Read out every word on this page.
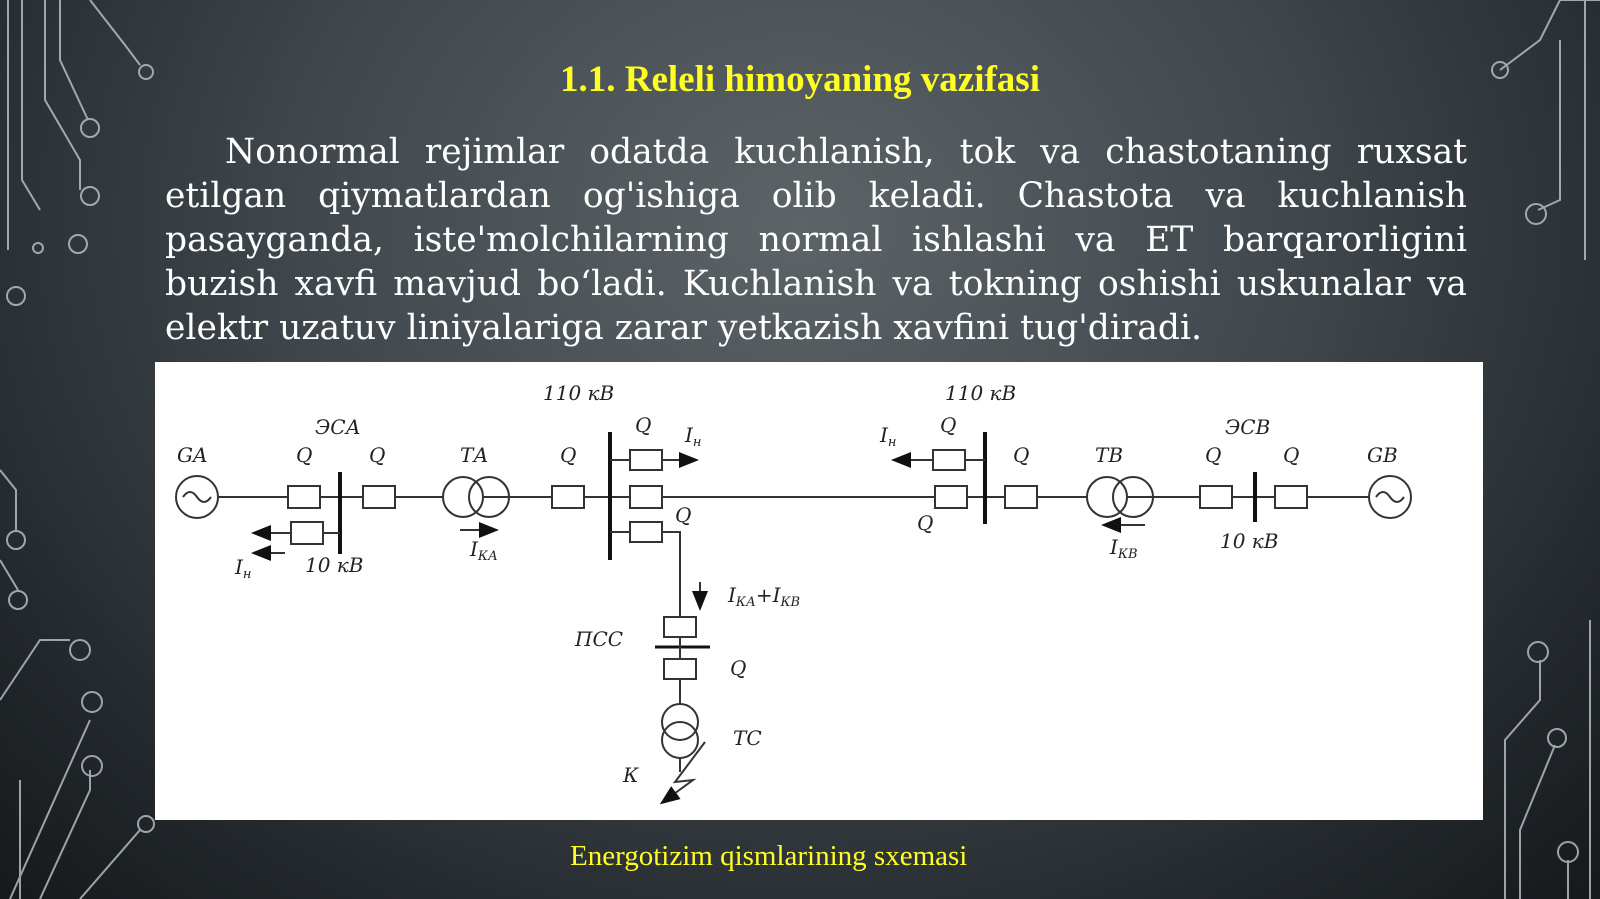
1.1. Releli himoyaning vazifasi
Nonormal rejimlar odatda kuchlanish, tok va chastotaning ruxsat etilgan qiymatlardan og'ishiga olib keladi. Chastota va kuchlanish pasayganda, iste'molchilarning normal ishlashi va ET barqarorligini buzish xavfi mavjud bo‘ladi. Kuchlanish va tokning oshishi uskunalar va elektr uzatuv liniyalariga zarar yetkazish xavfini tug'diradi.
GA	Q	Q
ЭСА
$I_н$	10 кВ
ТА
$I_{КА}$
Q
110 кВ
Q $I_н$
Q
$I_{КА}+I_{КВ}$
ПСС
Q
ТС
К
110 кВ
Q
$I_н$
Q
Q	ТВ
$I_{КВ}$
Q	Q
ЭСВ
10 кВ
GB
Energotizim qismlarining sxemasi
